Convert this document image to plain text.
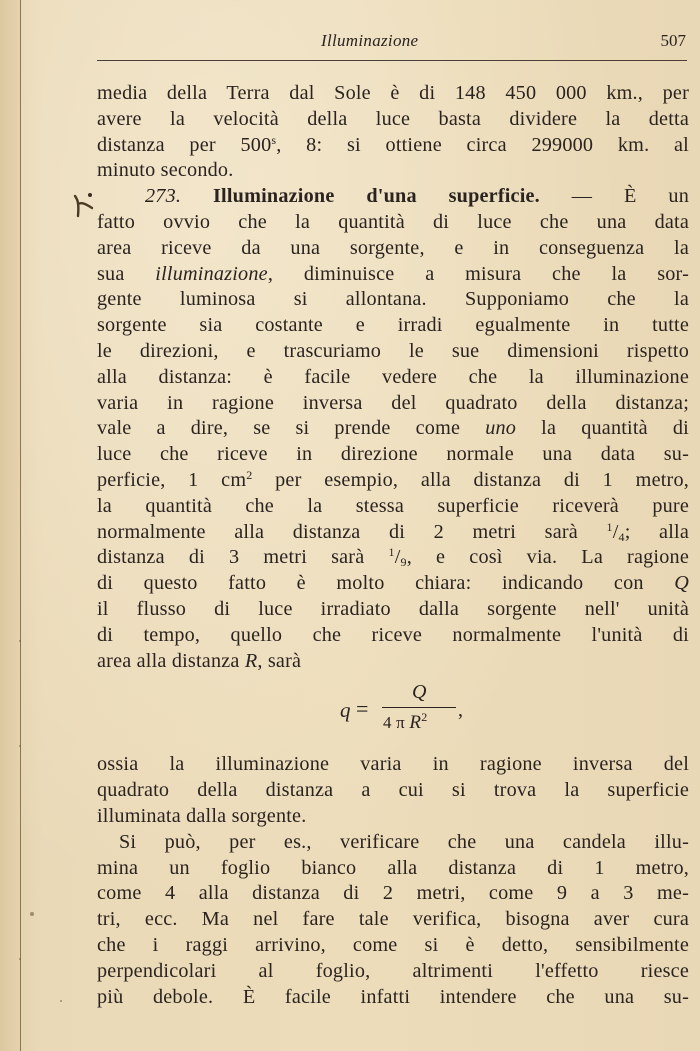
Illuminazione	507
media della Terra dal Sole è di 148 450 000 km., per
avere la velocità della luce basta dividere la detta
distanza per 500$^s$, 8: si ottiene circa 299000 km. al
minuto secondo.
273. Illuminazione d'una superficie. — È un
fatto ovvio che la quantità di luce che una data
area riceve da una sorgente, e in conseguenza la
sua illuminazione, diminuisce a misura che la sor-
gente luminosa si allontana. Supponiamo che la
sorgente sia costante e irradi egualmente in tutte
le direzioni, e trascuriamo le sue dimensioni rispetto
alla distanza: è facile vedere che la illuminazione
varia in ragione inversa del quadrato della distanza;
vale a dire, se si prende come uno la quantità di
luce che riceve in direzione normale una data su-
perficie, 1 $cm^2$ per esempio, alla distanza di 1 metro,
la quantità che la stessa superficie riceverà pure
normalmente alla distanza di 2 metri sarà $^1/_4$; alla
distanza di 3 metri sarà $^1/_9$, e così via. La ragione
di questo fatto è molto chiara: indicando con Q
il flusso di luce irradiato dalla sorgente nell' unità
di tempo, quello che riceve normalmente l'unità di
area alla distanza R, sarà
q =
Q
4 π $R^2$ ,
ossia la illuminazione varia in ragione inversa del
quadrato della distanza a cui si trova la superficie
illuminata dalla sorgente.
Si può, per es., verificare che una candela illu-
mina un foglio bianco alla distanza di 1 metro,
come 4 alla distanza di 2 metri, come 9 a 3 me-
tri, ecc. Ma nel fare tale verifica, bisogna aver cura
che i raggi arrivino, come si è detto, sensibilmente
perpendicolari al foglio, altrimenti l'effetto riesce
più debole. È facile infatti intendere che una su-
